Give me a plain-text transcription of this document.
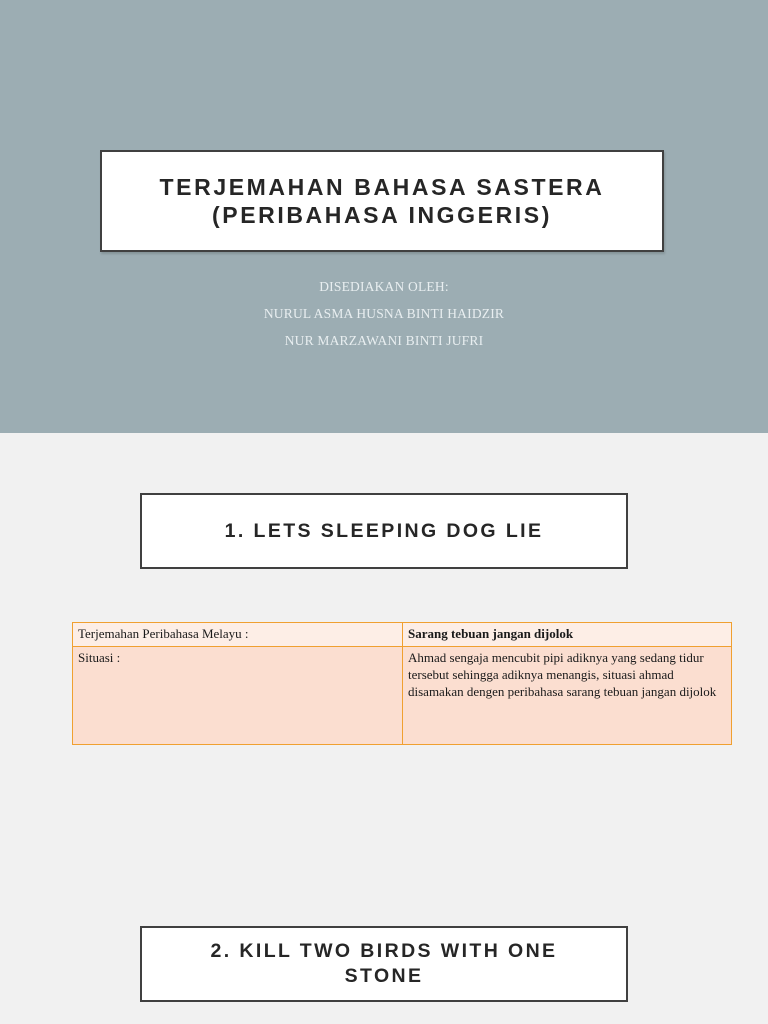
TERJEMAHAN BAHASA SASTERA
(PERIBAHASA INGGERIS)
DISEDIAKAN OLEH:
NURUL ASMA HUSNA BINTI HAIDZIR
NUR MARZAWANI BINTI JUFRI
1. LETS SLEEPING DOG LIE
Terjemahan Peribahasa Melayu :	Sarang tebuan jangan dijolok
Situasi :	Ahmad sengaja mencubit pipi adiknya yang sedang tidur tersebut sehingga adiknya menangis, situasi ahmad disamakan dengen peribahasa sarang tebuan jangan dijolok
2. KILL TWO BIRDS WITH ONE
STONE
